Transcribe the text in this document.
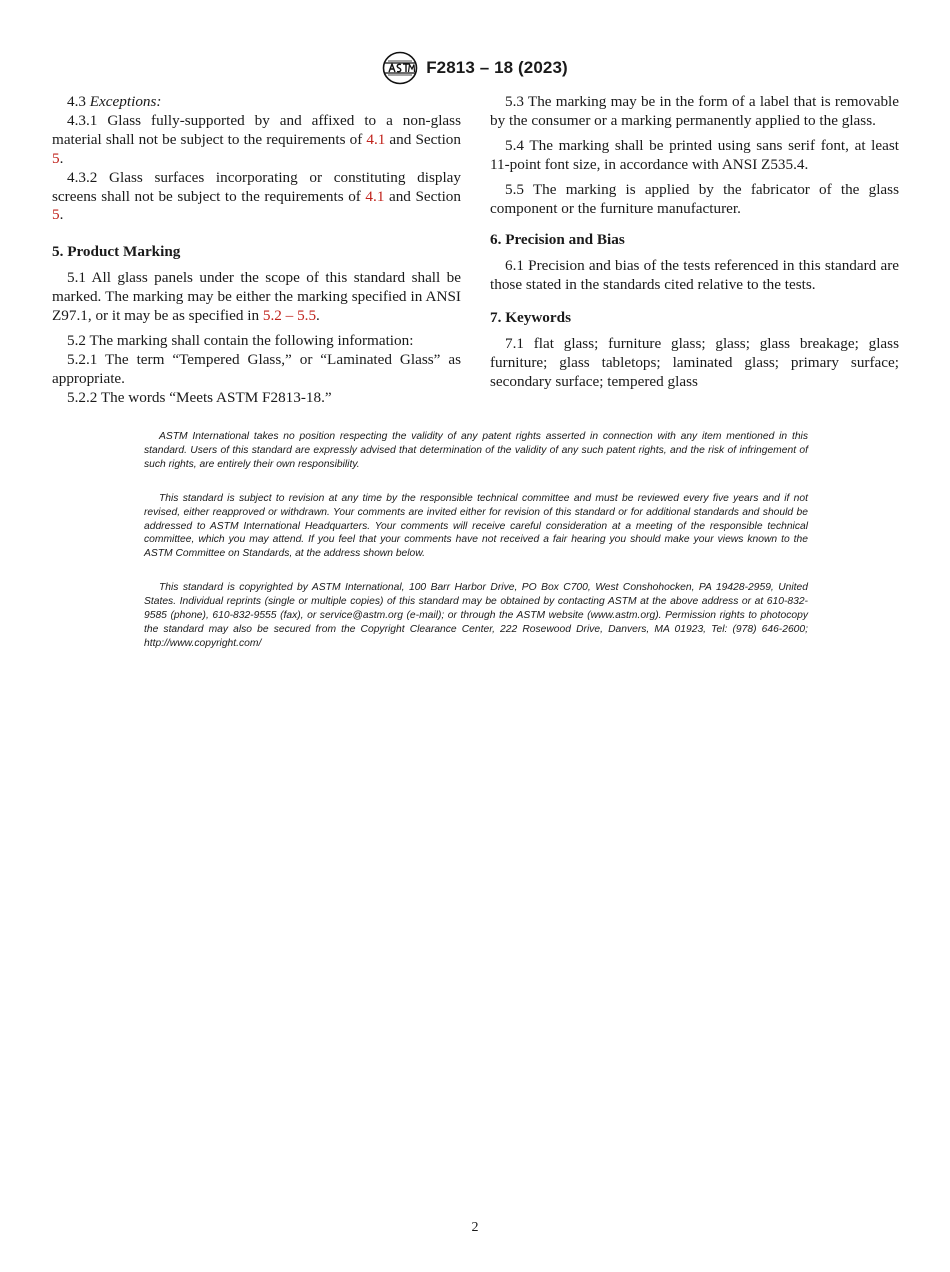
F2813 – 18 (2023)

4.3 Exceptions:

4.3.1 Glass fully-supported by and affixed to a non-glass material shall not be subject to the requirements of 4.1 and Section 5.

4.3.2 Glass surfaces incorporating or constituting display screens shall not be subject to the requirements of 4.1 and Section 5.

5. Product Marking

5.1 All glass panels under the scope of this standard shall be marked. The marking may be either the marking specified in ANSI Z97.1, or it may be as specified in 5.2 – 5.5.

5.2 The marking shall contain the following information:

5.2.1 The term “Tempered Glass,” or “Laminated Glass” as appropriate.

5.2.2 The words “Meets ASTM F2813-18.”

5.3 The marking may be in the form of a label that is removable by the consumer or a marking permanently applied to the glass.

5.4 The marking shall be printed using sans serif font, at least 11-point font size, in accordance with ANSI Z535.4.

5.5 The marking is applied by the fabricator of the glass component or the furniture manufacturer.

6. Precision and Bias

6.1 Precision and bias of the tests referenced in this standard are those stated in the standards cited relative to the tests.

7. Keywords

7.1 flat glass; furniture glass; glass; glass breakage; glass furniture; glass tabletops; laminated glass; primary surface; secondary surface; tempered glass

ASTM International takes no position respecting the validity of any patent rights asserted in connection with any item mentioned in this standard. Users of this standard are expressly advised that determination of the validity of any such patent rights, and the risk of infringement of such rights, are entirely their own responsibility.

This standard is subject to revision at any time by the responsible technical committee and must be reviewed every five years and if not revised, either reapproved or withdrawn. Your comments are invited either for revision of this standard or for additional standards and should be addressed to ASTM International Headquarters. Your comments will receive careful consideration at a meeting of the responsible technical committee, which you may attend. If you feel that your comments have not received a fair hearing you should make your views known to the ASTM Committee on Standards, at the address shown below.

This standard is copyrighted by ASTM International, 100 Barr Harbor Drive, PO Box C700, West Conshohocken, PA 19428-2959, United States. Individual reprints (single or multiple copies) of this standard may be obtained by contacting ASTM at the above address or at 610-832-9585 (phone), 610-832-9555 (fax), or service@astm.org (e-mail); or through the ASTM website (www.astm.org). Permission rights to photocopy the standard may also be secured from the Copyright Clearance Center, 222 Rosewood Drive, Danvers, MA 01923, Tel: (978) 646-2600; http://www.copyright.com/

2
